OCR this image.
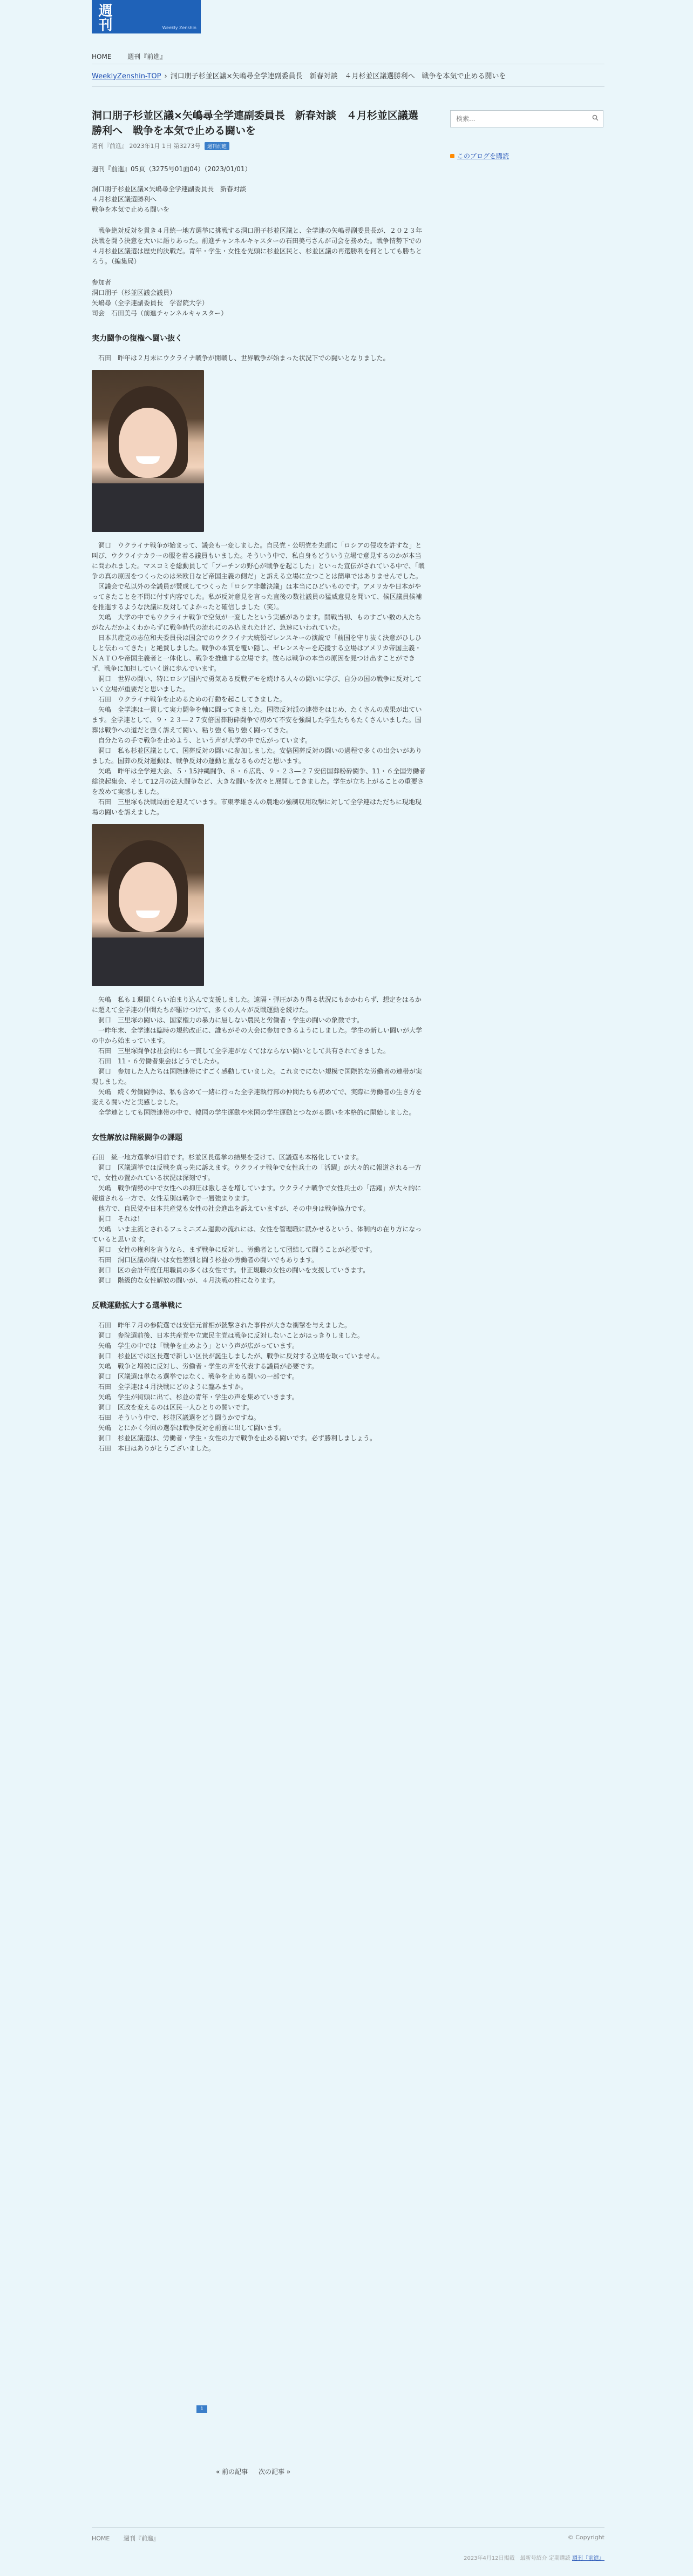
週刊	Weekly Zenshin
HOME 週刊『前進』
WeeklyZenshin-TOP › 洞口朋子杉並区議×矢嶋尋全学連副委員長　新春対談　４月杉並区議選勝利へ　戦争を本気で止める闘いを
洞口朋子杉並区議×矢嶋尋全学連副委員長　新春対談　４月杉並区議選勝利へ　戦争を本気で止める闘いを
週刊『前進』 2023年1月 1日 第3273号 週刊前進
週刊『前進』05頁（3275号01面04）（2023/01/01）

洞口朋子杉並区議×矢嶋尋全学連副委員長　新春対談

４月杉並区議選勝利へ

戦争を本気で止める闘いを

　戦争絶対反対を貫き４月統一地方選挙に挑戦する洞口朋子杉並区議と、全学連の矢嶋尋副委員長が、２０２３年決戦を闘う決意を大いに語りあった。前進チャンネルキャスターの石田美弓さんが司会を務めた。戦争情勢下での４月杉並区議選は歴史的決戦だ。青年・学生・女性を先頭に杉並区民と、杉並区議の再選勝利を何としても勝ちとろう。（編集局）

参加者

洞口朋子（杉並区議会議員）

矢嶋尋（全学連副委員長　学習院大学）

司会　石田美弓（前進チャンネルキャスター）

実力闘争の復権へ闘い抜く

　石田　昨年は２月末にウクライナ戦争が開戦し、世界戦争が始まった状況下での闘いとなりました。

　洞口　ウクライナ戦争が始まって、議会も一変しました。自民党・公明党を先頭に「ロシアの侵攻を許すな」と叫び、ウクライナカラーの服を着る議員もいました。そういう中で、私自身もどういう立場で意見するのかが本当に問われました。マスコミを総動員して「プーチンの野心が戦争を起こした」といった宣伝がされている中で、「戦争の真の原因をつくったのは米欧日など帝国主義の側だ」と訴える立場に立つことは簡単ではありませんでした。

　区議会で私以外の全議員が賛成してつくった「ロシア非難決議」は本当にひどいものです。アメリカや日本がやってきたことを不問に付す内容でした。私が反対意見を言った直後の数社議員の猛威意見を聞いて、候区議員候補を推進するような決議に反対してよかったと確信しました（笑）。

　矢嶋　大学の中でもウクライナ戦争で空気が一変したという実感があります。開戦当初、ものすごい数の人たちがなんだかよくわからずに戦争時代の流れにのみ込まれたけど、急速にいわれていた。

　日本共産党の志位和夫委員長は国会でのウクライナ大統領ゼレンスキーの演説で「前国を守り抜く決意がひしひしと伝わってきた」と絶賛しました。戦争の本質を覆い隠し、ゼレンスキーを応援する立場はアメリカ帝国主義・ＮＡＴＯや帝国主義者と一体化し、戦争を推進する立場です。彼らは戦争の本当の原因を見つけ出すことができず、戦争に加担していく道に歩んでいます。

　洞口　世界の闘い、特にロシア国内で勇気ある反戦デモを続ける人々の闘いに学び、自分の国の戦争に反対していく立場が重要だと思いました。

　石田　ウクライナ戦争を止めるための行動を起こしてきました。

　矢嶋　全学連は一貫して実力闘争を軸に闘ってきました。国際反対派の連帯をはじめ、たくさんの成果が出ています。全学連として、９・２３―２７安倍国葬粉砕闘争で初めて不安を強調した学生たちもたくさんいました。国葬は戦争への道だと強く訴えて闘い、粘り強く粘り強く闘ってきた。

　自分たちの手で戦争を止めよう、という声が大学の中で広がっています。

　洞口　私も杉並区議として、国葬反対の闘いに参加しました。安倍国葬反対の闘いの過程で多くの出会いがありました。国葬の反対運動は、戦争反対の運動と重なるものだと思います。

　矢嶋　昨年は全学連大会、５・15沖縄闘争、８・６広島、９・２３―２７安倍国葬粉砕闘争、11・６全国労働者総決起集会、そして12月の法大闘争など、大きな闘いを次々と展開してきました。学生が立ち上がることの重要さを改めて実感しました。

　石田　三里塚も決戦局面を迎えています。市東孝雄さんの農地の強制収用攻撃に対して全学連はただちに現地現場の闘いを訴えました。

　矢嶋　私も１週間くらい泊まり込んで支援しました。遠隔・弾圧があり得る状況にもかかわらず、想定をはるかに超えて全学連の仲間たちが駆けつけて、多くの人々が反戦運動を続けた。

　洞口　三里塚の闘いは、国家権力の暴力に屈しない農民と労働者・学生の闘いの象徴です。

　一昨年末、全学連は臨時の規約改正に、誰もがその大会に参加できるようにしました。学生の新しい闘いが大学の中から始まっています。

　石田　三里塚闘争は社会的にも一貫して全学連がなくてはならない闘いとして共有されてきました。

　石田　11・６労働者集会はどうでしたか。

　洞口　参加した人たちは国際連帯にすごく感動していました。これまでにない規模で国際的な労働者の連帯が実現しました。

　矢嶋　続く労働闘争は、私も含めて一緒に行った全学連執行部の仲間たちも初めてで、実際に労働者の生き方を変える闘いだと実感しました。

　全学連としても国際連帯の中で、韓国の学生運動や米国の学生運動とつながる闘いを本格的に開始しました。

女性解放は階級闘争の課題

石田　統一地方選挙が目前です。杉並区長選挙の結果を受けて、区議選も本格化しています。

　洞口　区議選挙では反戦を真っ先に訴えます。ウクライナ戦争で女性兵士の「活躍」が大々的に報道される一方で、女性の置かれている状況は深刻です。

　矢嶋　戦争情勢の中で女性への抑圧は激しさを増しています。ウクライナ戦争で女性兵士の「活躍」が大々的に報道される一方で、女性差別は戦争で一層強まります。

　他方で、自民党や日本共産党も女性の社会進出を訴えていますが、その中身は戦争協力です。

　洞口　それは！

　矢嶋　いま主流とされるフェミニズム運動の流れには、女性を管理職に就かせるという、体制内の在り方になっていると思います。

　洞口　女性の権利を言うなら、まず戦争に反対し、労働者として団結して闘うことが必要です。

　石田　洞口区議の闘いは女性差別と闘う杉並の労働者の闘いでもあります。

　洞口　区の会計年度任用職員の多くは女性です。非正規職の女性の闘いを支援していきます。

　洞口　階級的な女性解放の闘いが、４月決戦の柱になります。

反戦運動拡大する選挙戦に

　石田　昨年７月の参院選では安倍元首相が銃撃された事件が大きな衝撃を与えました。

　洞口　参院選前後、日本共産党や立憲民主党は戦争に反対しないことがはっきりしました。

　矢嶋　学生の中では「戦争を止めよう」という声が広がっています。

　洞口　杉並区では区長選で新しい区長が誕生しましたが、戦争に反対する立場を取っていません。

　矢嶋　戦争と増税に反対し、労働者・学生の声を代表する議員が必要です。

　洞口　区議選は単なる選挙ではなく、戦争を止める闘いの一部です。

　石田　全学連は４月決戦にどのように臨みますか。

　矢嶋　学生が街頭に出て、杉並の青年・学生の声を集めていきます。

　洞口　区政を変えるのは区民一人ひとりの闘いです。

　石田　そういう中で、杉並区議選をどう闘うかですね。

　矢嶋　とにかく今回の選挙は戦争反対を前面に出して闘います。

　洞口　杉並区議選は、労働者・学生・女性の力で戦争を止める闘いです。必ず勝利しましょう。

　石田　本日はありがとうございました。

検索...
このブログを購読
1
« 前の記事 次の記事 »
HOME 週刊『前進』	© Copyright
2023年4月12日掲載　最新号紹介 定期購読 週刊『前進』
